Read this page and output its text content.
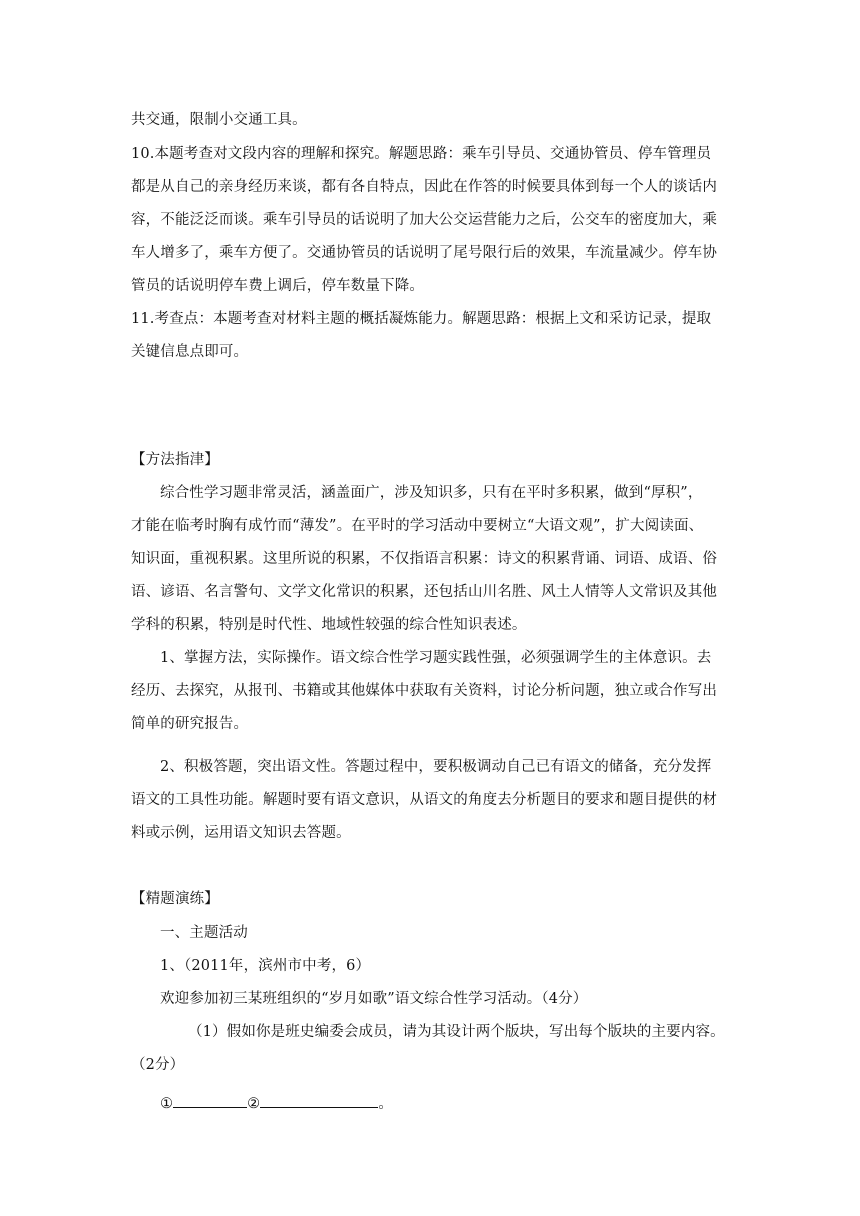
共交通，限制小交通工具。
10.本题考查对文段内容的理解和探究。解题思路：乘车引导员、交通协管员、停车管理员
都是从自己的亲身经历来谈，都有各自特点，因此在作答的时候要具体到每一个人的谈话内
容，不能泛泛而谈。乘车引导员的话说明了加大公交运营能力之后，公交车的密度加大，乘
车人增多了，乘车方便了。交通协管员的话说明了尾号限行后的效果，车流量减少。停车协
管员的话说明停车费上调后，停车数量下降。
11.考查点：本题考查对材料主题的概括凝炼能力。解题思路：根据上文和采访记录，提取
关键信息点即可。
【方法指津】
综合性学习题非常灵活，涵盖面广，涉及知识多，只有在平时多积累，做到“厚积”，
才能在临考时胸有成竹而“薄发”。在平时的学习活动中要树立“大语文观”，扩大阅读面、
知识面，重视积累。这里所说的积累，不仅指语言积累：诗文的积累背诵、词语、成语、俗
语、谚语、名言警句、文学文化常识的积累，还包括山川名胜、风土人情等人文常识及其他
学科的积累，特别是时代性、地域性较强的综合性知识表述。
1、掌握方法，实际操作。语文综合性学习题实践性强，必须强调学生的主体意识。去
经历、去探究，从报刊、书籍或其他媒体中获取有关资料，讨论分析问题，独立或合作写出
简单的研究报告。
2、积极答题，突出语文性。答题过程中，要积极调动自己已有语文的储备，充分发挥
语文的工具性功能。解题时要有语文意识，从语文的角度去分析题目的要求和题目提供的材
料或示例，运用语文知识去答题。
【精题演练】
一、主题活动
1、（2011年，滨州市中考，6）
欢迎参加初三某班组织的“岁月如歌”语文综合性学习活动。（4分）
（1）假如你是班史编委会成员，请为其设计两个版块，写出每个版块的主要内容。
（2分）
①	②	。
